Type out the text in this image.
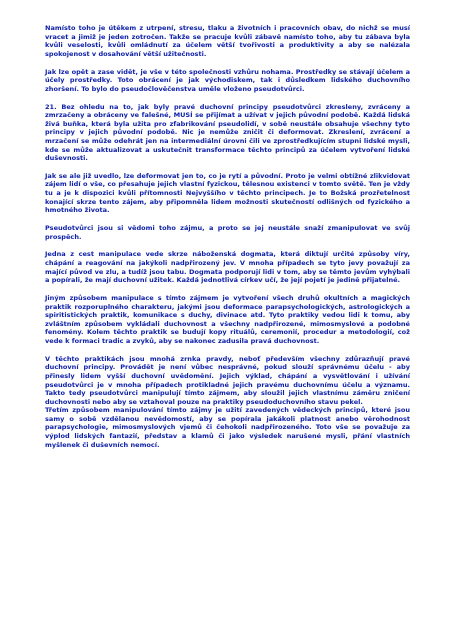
Namísto toho je útěkem z utrpení, stresu, tlaku a životních i pracovních obav, do nichž se musí vracet a jimiž je jeden zotročen. Takže se pracuje kvůli zábavě namísto toho, aby tu zábava byla kvůli veselosti, kvůli omládnutí za účelem větší tvořivosti a produktivity a aby se nalézala spokojenost v dosahování větší užitečnosti.

Jak lze opět a zase vidět, je vše v této společnosti vzhůru nohama. Prostředky se stávají účelem a účely prostředky. Toto obrácení je jak východiskem, tak i důsledkem lidského duchovního zhoršení. To bylo do pseudočlověčenstva uměle vloženo pseudotvůrci.

21. Bez ohledu na to, jak byly pravé duchovní principy pseudotvůrci zkresleny, zvráceny a zmrzačeny a obráceny ve falešné, MUSÍ se přijímat a užívat v jejich původní podobě. Každá lidská živá buňka, která byla užita pro zfabrikování pseudolidí, v sobě neustále obsahuje všechny tyto principy v jejich původní podobě. Nic je nemůže zničit či deformovat. Zkreslení, zvrácení a mrzačení se může odehrát jen na intermediální úrovni čili ve zprostředkujícím stupni lidské mysli, kde se může aktualizovat a uskutečnit transformace těchto principů za účelem vytvoření lidské duševnosti.

Jak se ale již uvedlo, lze deformovat jen to, co je rytí a původní. Proto je velmi obtížné zlikvidovat zájem lidí o vše, co přesahuje jejich vlastní fyzickou, tělesnou existenci v tomto světě. Ten je vždy tu a je k dispozici kvůli přítomnosti Nejvyššího v těchto principech. Je to Božská prozřetelnost konající skrze tento zájem, aby připomněla lidem možnosti skutečností odlišných od fyzického a hmotného života.

Pseudotvůrci jsou si vědomi toho zájmu, a proto se jej neustále snaží zmanipulovat ve svůj prospěch.

Jedna z cest manipulace vede skrze náboženská dogmata, která diktují určité způsoby víry, chápání a reagování na jakýkoli nadpřirozený jev. V mnoha případech se tyto jevy považují za mající původ ve zlu, a tudíž jsou tabu. Dogmata podporují lidi v tom, aby se těmto jevům vyhýbali a popírali, že mají duchovní užitek. Každá jednotlivá církev učí, že její pojetí je jedině přijatelné.

Jiným způsobem manipulace s tímto zájmem je vytvoření všech druhů okultních a magických praktik rozporuplného charakteru, jakými jsou deformace parapsychologických, astrologických a spiritistických praktik, komunikace s duchy, divinace atd. Tyto praktiky vedou lidi k tomu, aby zvláštním způsobem vykládali duchovnost a všechny nadpřirozené, mimosmyslové a podobné fenomény. Kolem těchto praktik se budují kopy rituálů, ceremonií, procedur a metodologií, což vede k formaci tradic a zvyků, aby se nakonec zadusila pravá duchovnost.

V těchto praktikách jsou mnohá zrnka pravdy, neboť především všechny zdůrazňují pravé duchovní principy. Provádět je není vůbec nesprávné, pokud slouží správnému účelu - aby přinesly lidem vyšší duchovní uvědomění. Jejich výklad, chápání a vysvětlování i užívání pseudotvůrci je v mnoha případech protikladné jejich pravému duchovnímu účelu a významu. Takto tedy pseudotvůrci manipulují tímto zájmem, aby sloužil jejich vlastnímu záměru zničení duchovnosti nebo aby se vztahoval pouze na praktiky pseudoduchovního stavu pekel.
Třetím způsobem manipulování tímto zájmy je užití zavedených vědeckých principů, které jsou samy o sobě vzdělanou nevědomostí, aby se popírala jakákoli platnost anebo věrohodnost parapsychologie, mimosmyslových vjemů či čehokoli nadpřirozeného. Toto vše se považuje za výplod lidských fantazií, představ a klamů či jako výsledek narušené mysli, přání vlastních myšlenek či duševních nemocí.
